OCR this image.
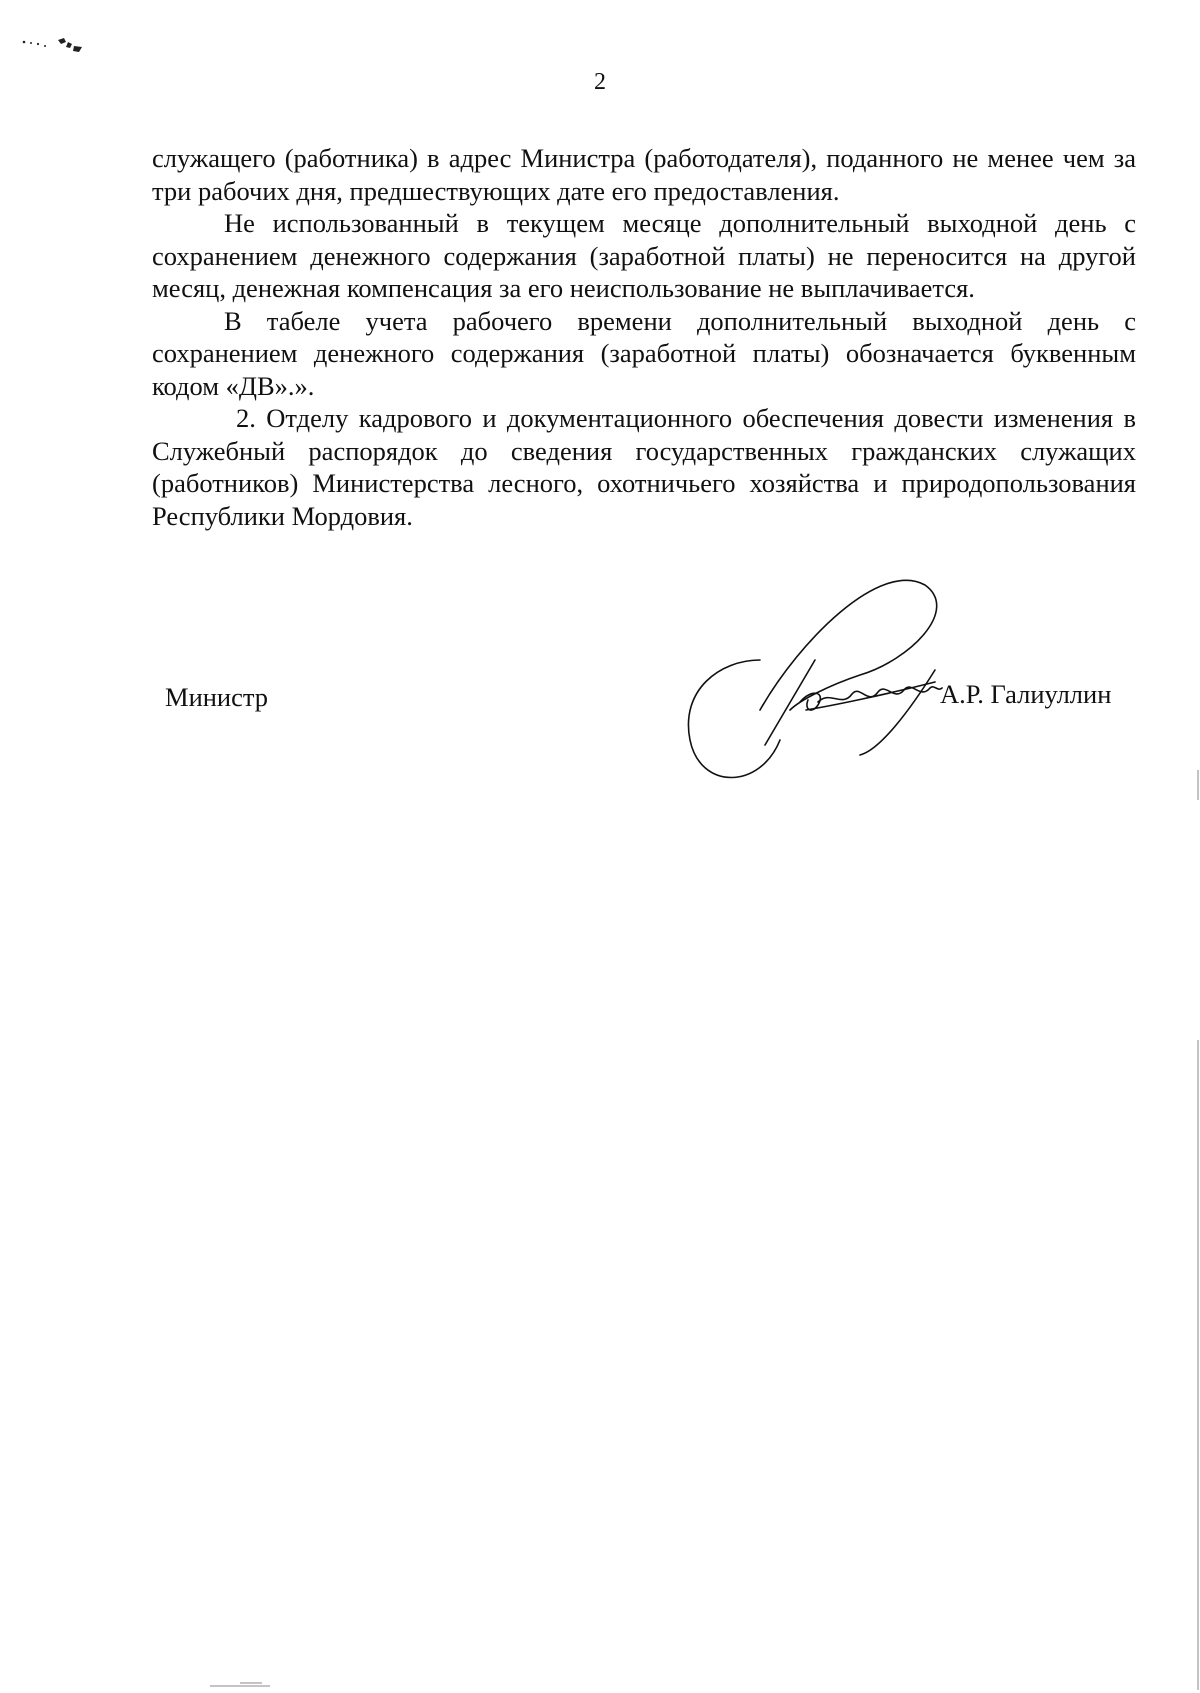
2

служащего (работника) в адрес Министра (работодателя), поданного не менее чем за три рабочих дня, предшествующих дате его предоставления.

Не использованный в текущем месяце дополнительный выходной день с сохранением денежного содержания (заработной платы) не переносится на другой месяц, денежная компенсация за его неиспользование не выплачивается.

В табеле учета рабочего времени дополнительный выходной день с сохранением денежного содержания (заработной платы) обозначается буквенным кодом «ДВ».».

2. Отделу кадрового и документационного обеспечения довести изменения в Служебный распорядок до сведения государственных гражданских служащих (работников) Министерства лесного, охотничьего хозяйства и природопользования Республики Мордовия.

Министр	А.Р. Галиуллин
